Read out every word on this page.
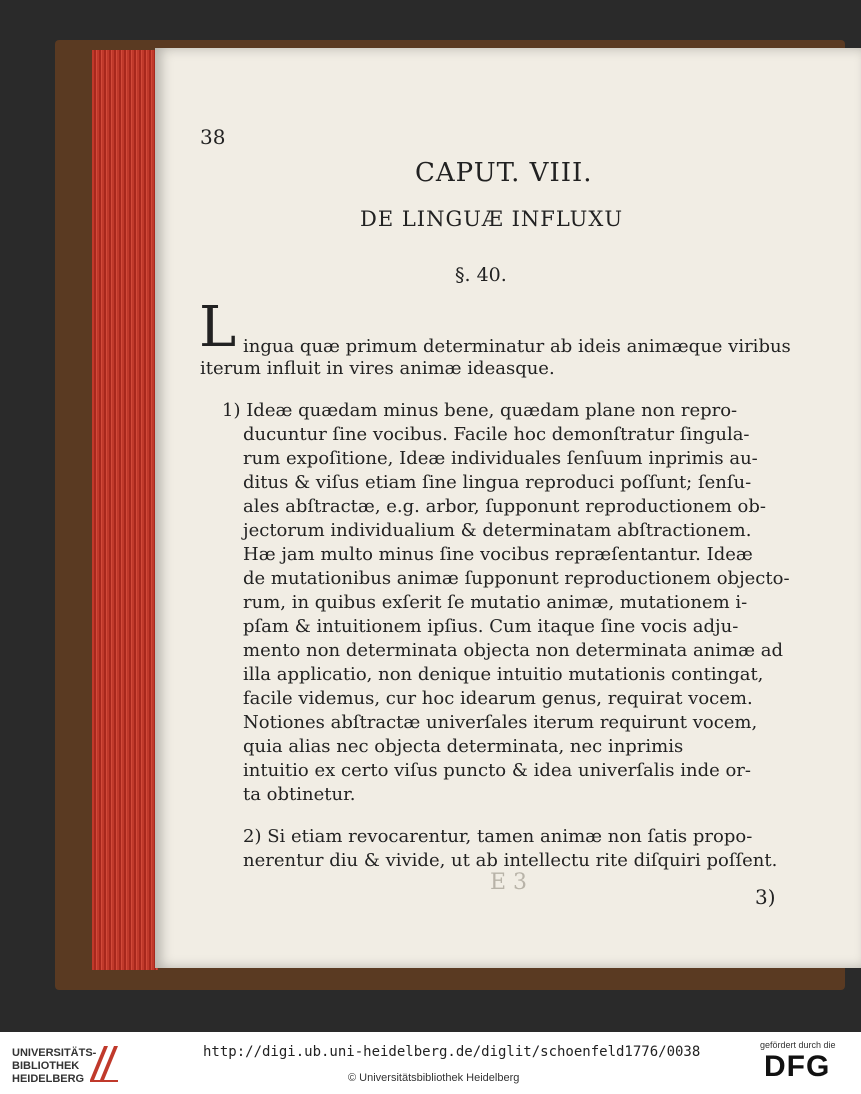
38
CAPUT. VIII.
DE LINGUÆ INFLUXU
§. 40.
L ingua quæ primum determinatur ab ideis animæque viribus
iterum influit in vires animæ ideasque.
1) Ideæ quædam minus bene, quædam plane non repro-
ducuntur ſine vocibus. Facile hoc demonſtratur ſingula-
rum expoſitione, Ideæ individuales ſenſuum inprimis au-
ditus & viſus etiam ſine lingua reproduci poſſunt; ſenſu-
ales abſtractæ, e.g. arbor, ſupponunt reproductionem ob-
jectorum individualium & determinatam abſtractionem.
Hæ jam multo minus ſine vocibus repræſentantur. Ideæ
de mutationibus animæ ſupponunt reproductionem objecto-
rum, in quibus exſerit ſe mutatio animæ, mutationem i-
pſam & intuitionem ipſius. Cum itaque ſine vocis adju-
mento non determinata objecta non determinata animæ ad
illa applicatio, non denique intuitio mutationis contingat,
facile videmus, cur hoc idearum genus, requirat vocem.
Notiones abſtractæ univerſales iterum requirunt vocem,
quia alias nec objecta determinata, nec inprimis
intuitio ex certo viſus puncto & idea univerſalis inde or-
ta obtinetur.
2) Si etiam revocarentur, tamen animæ non ſatis propo-
nerentur diu & vivide, ut ab intellectu rite diſquiri poſſent.
E 3
3)
UNIVERSITÄTS-
BIBLIOTHEK
HEIDELBERG
http://digi.ub.uni-heidelberg.de/diglit/schoenfeld1776/0038
© Universitätsbibliothek Heidelberg
gefördert durch die
DFG
